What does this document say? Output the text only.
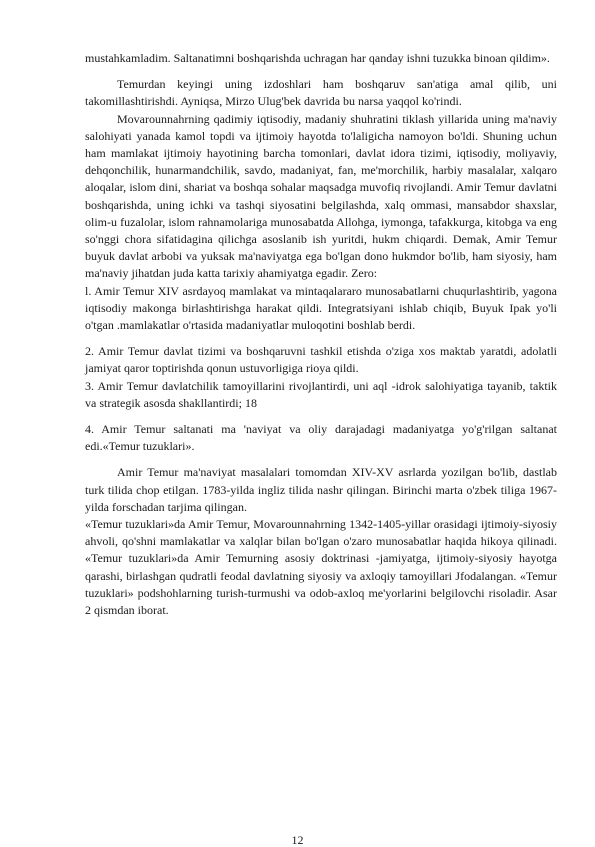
mustahkamladim. Saltanatimni boshqarishda uchragan har qanday ishni tuzukka binoan qildim».

Temurdan keyingi uning izdoshlari ham boshqaruv san'atiga amal qilib, uni takomillashtirishdi. Ayniqsa, Mirzo Ulug'bek davrida bu narsa yaqqol ko'rindi.

Movarounnahrning qadimiy iqtisodiy, madaniy shuhratini tiklash yillarida uning ma'naviy salohiyati yanada kamol topdi va ijtimoiy hayotda to'laligicha namoyon bo'ldi. Shuning uchun ham mamlakat ijtimoiy hayotining barcha tomonlari, davlat idora tizimi, iqtisodiy, moliyaviy, dehqonchilik, hunarmandchilik, savdo, madaniyat, fan, me'morchilik, harbiy masalalar, xalqaro aloqalar, islom dini, shariat va boshqa sohalar maqsadga muvofiq rivojlandi. Amir Temur davlatni boshqarishda, uning ichki va tashqi siyosatini belgilashda, xalq ommasi, mansabdor shaxslar, olim-u fuzalolar, islom rahnamolariga munosabatda Allohga, iymonga, tafakkurga, kitobga va eng so'nggi chora sifatidagina qilichga asoslanib ish yuritdi, hukm chiqardi. Demak, Amir Temur buyuk davlat arbobi va yuksak ma'naviyatga ega bo'lgan dono hukmdor bo'lib, ham siyosiy, ham ma'naviy jihatdan juda katta tarixiy ahamiyatga egadir. Zero:

l. Amir Temur XIV asrdayoq mamlakat va mintaqalararo munosabatlarni chuqurlashtirib, yagona iqtisodiy makonga birlashtirishga harakat qildi. Integratsiyani ishlab chiqib, Buyuk Ipak yo'li o'tgan .mamlakatlar o'rtasida madaniyatlar muloqotini boshlab berdi.

2. Amir Temur davlat tizimi va boshqaruvni tashkil etishda o'ziga xos maktab yaratdi, adolatli jamiyat qaror toptirishda qonun ustuvorligiga rioya qildi.

3. Amir Temur davlatchilik tamoyillarini rivojlantirdi, uni aql -idrok salohiyatiga tayanib, taktik va strategik asosda shakllantirdi; 18

4. Amir Temur saltanati ma 'naviyat va oliy darajadagi madaniyatga yo'g'rilgan saltanat edi.«Temur tuzuklari».

Amir Temur ma'naviyat masalalari tomomdan XIV-XV asrlarda yozilgan bo'lib, dastlab turk tilida chop etilgan. 1783-yilda ingliz tilida nashr qilingan. Birinchi marta o'zbek tiliga 1967-yilda forschadan tarjima qilingan.

«Temur tuzuklari»da Amir Temur, Movarounnahrning 1342-1405-yillar orasidagi ijtimoiy-siyosiy ahvoli, qo'shni mamlakatlar va xalqlar bilan bo'lgan o'zaro munosabatlar haqida hikoya qilinadi. «Temur tuzuklari»da Amir Temurning asosiy doktrinasi -jamiyatga, ijtimoiy-siyosiy hayotga qarashi, birlashgan qudratli feodal davlatning siyosiy va axloqiy tamoyillari Jfodalangan. «Temur tuzuklari» podshohlarning turish-turmushi va odob-axloq me'yorlarini belgilovchi risoladir. Asar 2 qismdan iborat.

12
